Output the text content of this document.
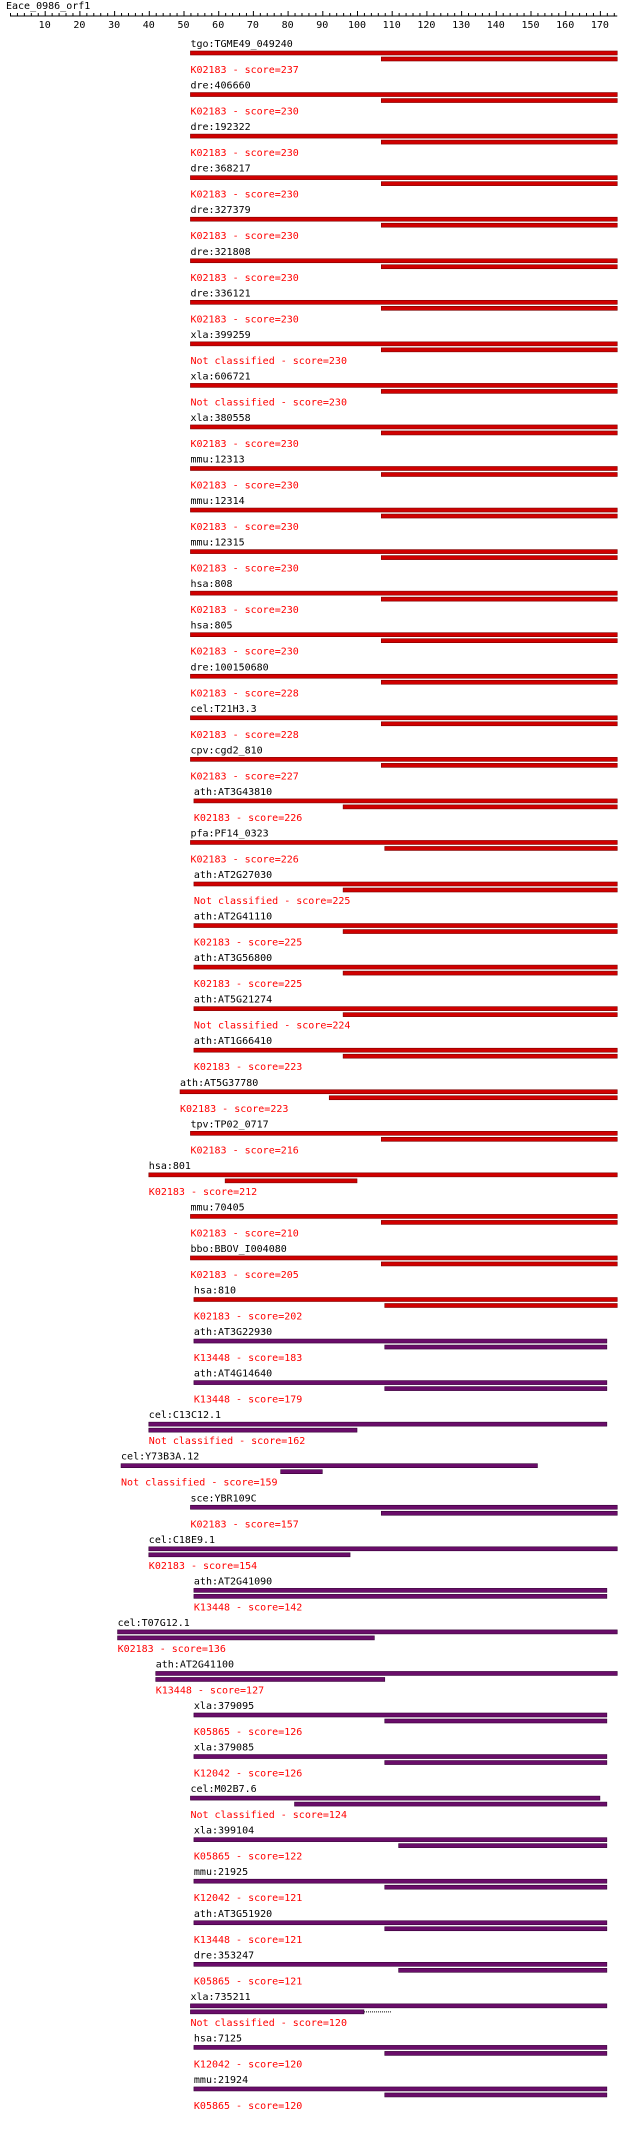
Eace_0986_orf1
10 20 30 40 50 60 70 80 90 100 110 120 130 140 150 160 170
tgo:TGME49_049240
K02183 - score=237
dre:406660
K02183 - score=230
dre:192322
K02183 - score=230
dre:368217
K02183 - score=230
dre:327379
K02183 - score=230
dre:321808
K02183 - score=230
dre:336121
K02183 - score=230
xla:399259
Not classified - score=230
xla:606721
Not classified - score=230
xla:380558
K02183 - score=230
mmu:12313
K02183 - score=230
mmu:12314
K02183 - score=230
mmu:12315
K02183 - score=230
hsa:808
K02183 - score=230
hsa:805
K02183 - score=230
dre:100150680
K02183 - score=228
cel:T21H3.3
K02183 - score=228
cpv:cgd2_810
K02183 - score=227
ath:AT3G43810
K02183 - score=226
pfa:PF14_0323
K02183 - score=226
ath:AT2G27030
Not classified - score=225
ath:AT2G41110
K02183 - score=225
ath:AT3G56800
K02183 - score=225
ath:AT5G21274
Not classified - score=224
ath:AT1G66410
K02183 - score=223
ath:AT5G37780
K02183 - score=223
tpv:TP02_0717
K02183 - score=216
hsa:801
K02183 - score=212
mmu:70405
K02183 - score=210
bbo:BBOV_I004080
K02183 - score=205
hsa:810
K02183 - score=202
ath:AT3G22930
K13448 - score=183
ath:AT4G14640
K13448 - score=179
cel:C13C12.1
Not classified - score=162
cel:Y73B3A.12
Not classified - score=159
sce:YBR109C
K02183 - score=157
cel:C18E9.1
K02183 - score=154
ath:AT2G41090
K13448 - score=142
cel:T07G12.1
K02183 - score=136
ath:AT2G41100
K13448 - score=127
xla:379095
K05865 - score=126
xla:379085
K12042 - score=126
cel:M02B7.6
Not classified - score=124
xla:399104
K05865 - score=122
mmu:21925
K12042 - score=121
ath:AT3G51920
K13448 - score=121
dre:353247
K05865 - score=121
xla:735211
Not classified - score=120
hsa:7125
K12042 - score=120
mmu:21924
K05865 - score=120
